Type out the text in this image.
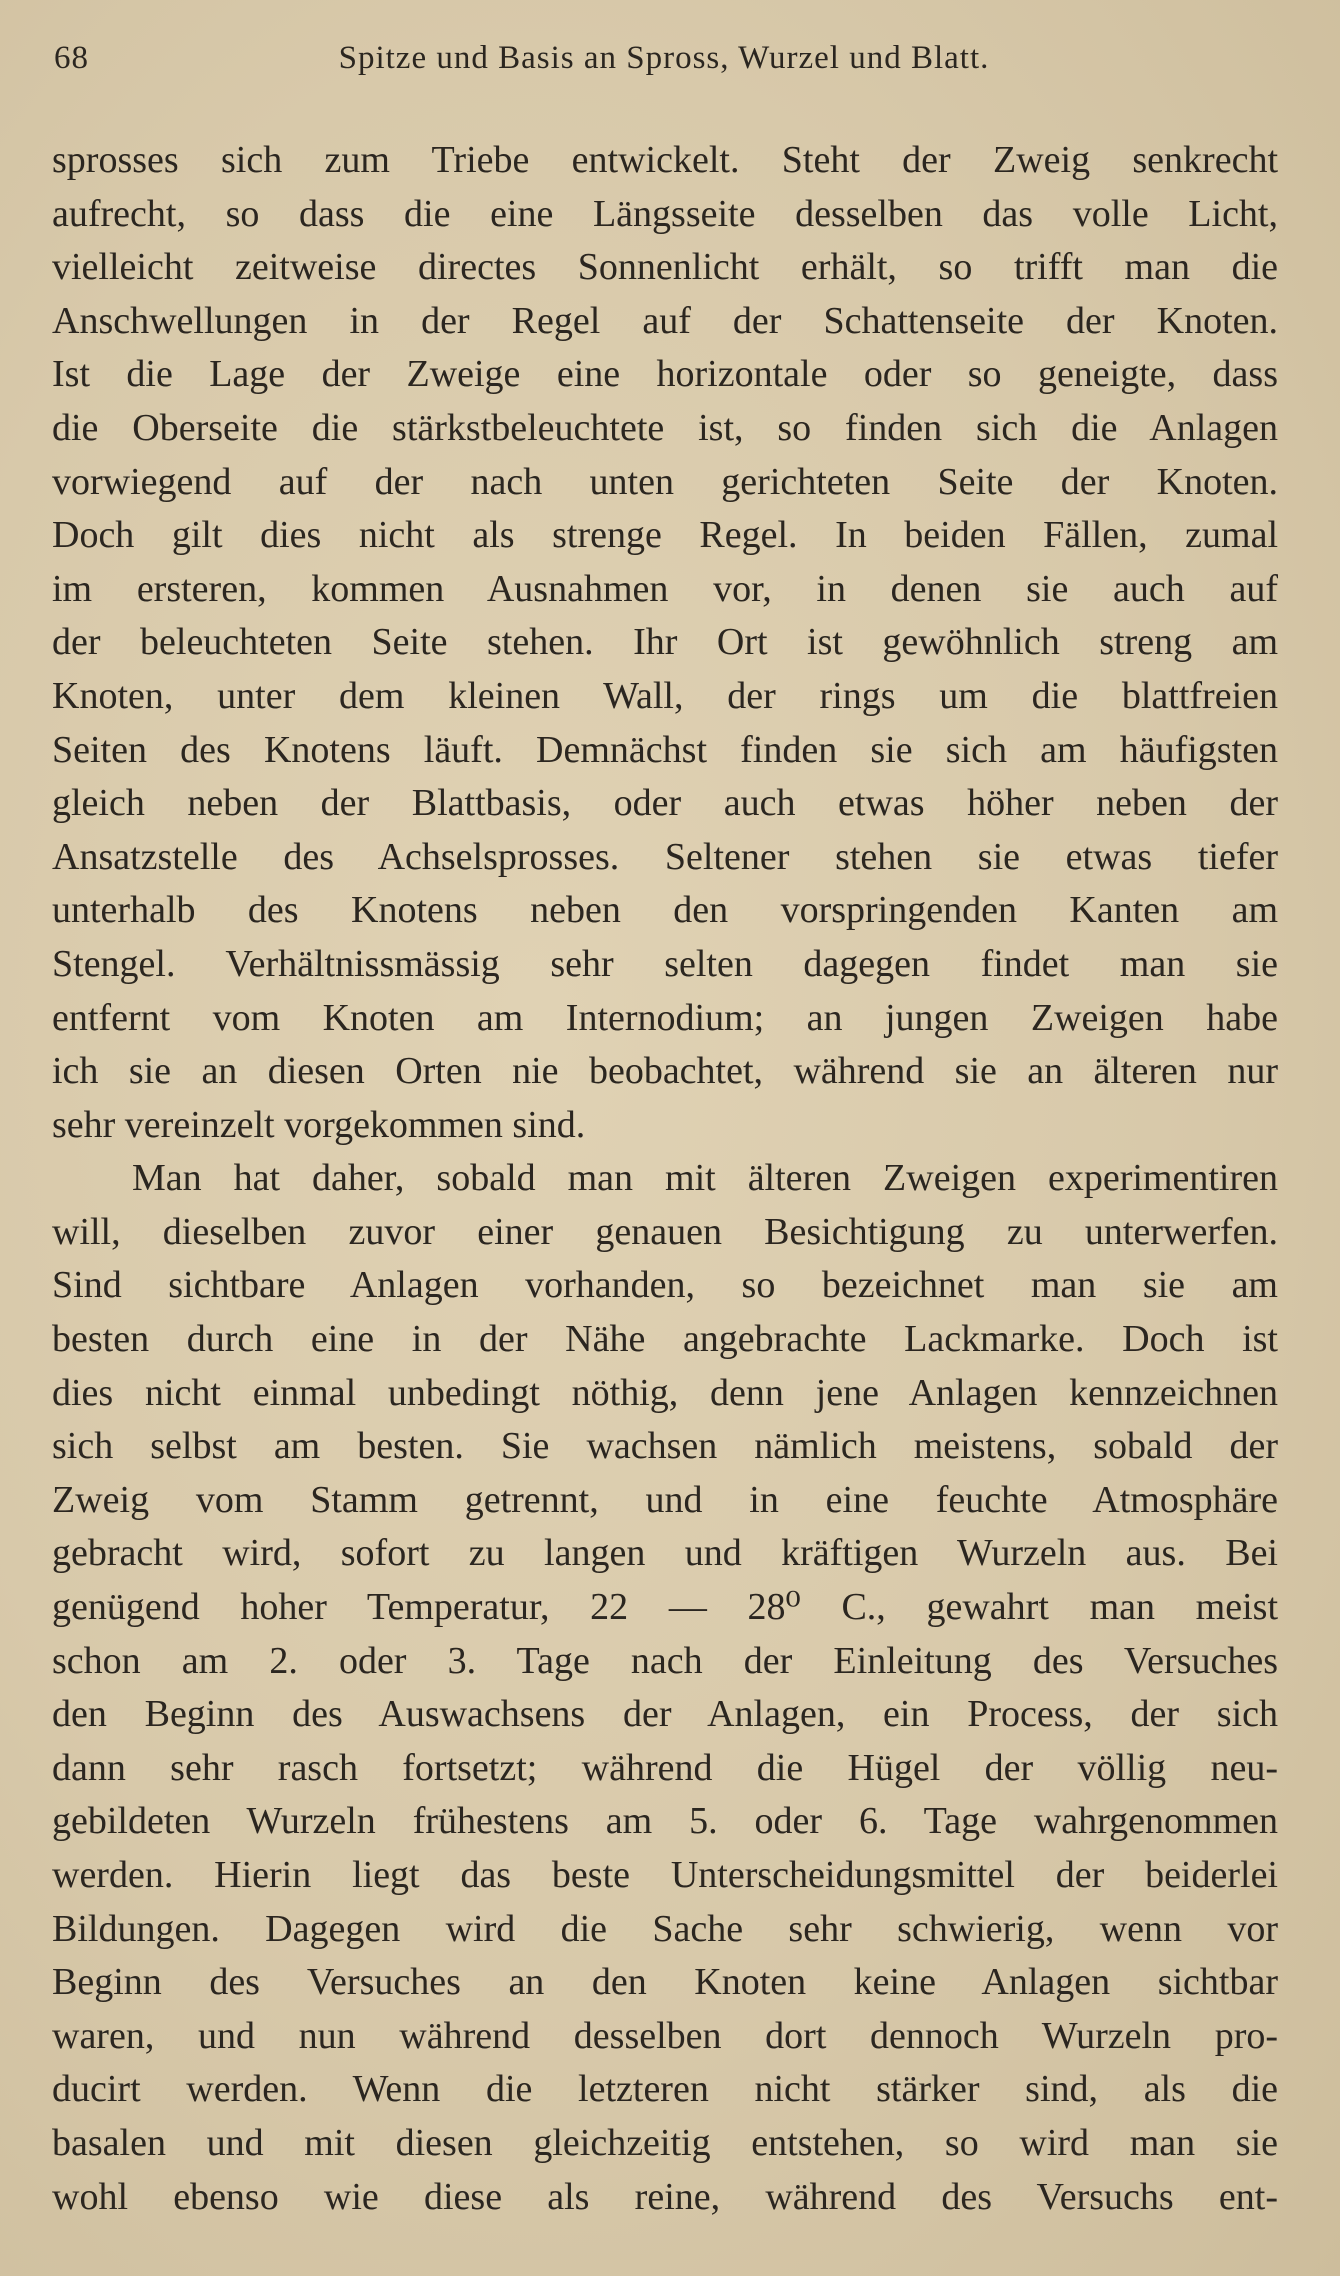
68	Spitze und Basis an Spross, Wurzel und Blatt.
sprosses sich zum Triebe entwickelt. Steht der Zweig senkrecht
aufrecht, so dass die eine Längsseite desselben das volle Licht,
vielleicht zeitweise directes Sonnenlicht erhält, so trifft man die
Anschwellungen in der Regel auf der Schattenseite der Knoten.
Ist die Lage der Zweige eine horizontale oder so geneigte, dass
die Oberseite die stärkstbeleuchtete ist, so finden sich die Anlagen
vorwiegend auf der nach unten gerichteten Seite der Knoten.
Doch gilt dies nicht als strenge Regel. In beiden Fällen, zumal
im ersteren, kommen Ausnahmen vor, in denen sie auch auf
der beleuchteten Seite stehen. Ihr Ort ist gewöhnlich streng am
Knoten, unter dem kleinen Wall, der rings um die blattfreien
Seiten des Knotens läuft. Demnächst finden sie sich am häufigsten
gleich neben der Blattbasis, oder auch etwas höher neben der
Ansatzstelle des Achselsprosses. Seltener stehen sie etwas tiefer
unterhalb des Knotens neben den vorspringenden Kanten am
Stengel. Verhältnissmässig sehr selten dagegen findet man sie
entfernt vom Knoten am Internodium; an jungen Zweigen habe
ich sie an diesen Orten nie beobachtet, während sie an älteren nur
sehr vereinzelt vorgekommen sind.
Man hat daher, sobald man mit älteren Zweigen experimentiren
will, dieselben zuvor einer genauen Besichtigung zu unterwerfen.
Sind sichtbare Anlagen vorhanden, so bezeichnet man sie am
besten durch eine in der Nähe angebrachte Lackmarke. Doch ist
dies nicht einmal unbedingt nöthig, denn jene Anlagen kennzeichnen
sich selbst am besten. Sie wachsen nämlich meistens, sobald der
Zweig vom Stamm getrennt, und in eine feuchte Atmosphäre
gebracht wird, sofort zu langen und kräftigen Wurzeln aus. Bei
genügend hoher Temperatur, 22 — 28⁰ C., gewahrt man meist
schon am 2. oder 3. Tage nach der Einleitung des Versuches
den Beginn des Auswachsens der Anlagen, ein Process, der sich
dann sehr rasch fortsetzt; während die Hügel der völlig neu-
gebildeten Wurzeln frühestens am 5. oder 6. Tage wahrgenommen
werden. Hierin liegt das beste Unterscheidungsmittel der beiderlei
Bildungen. Dagegen wird die Sache sehr schwierig, wenn vor
Beginn des Versuches an den Knoten keine Anlagen sichtbar
waren, und nun während desselben dort dennoch Wurzeln pro-
ducirt werden. Wenn die letzteren nicht stärker sind, als die
basalen und mit diesen gleichzeitig entstehen, so wird man sie
wohl ebenso wie diese als reine, während des Versuchs ent-
